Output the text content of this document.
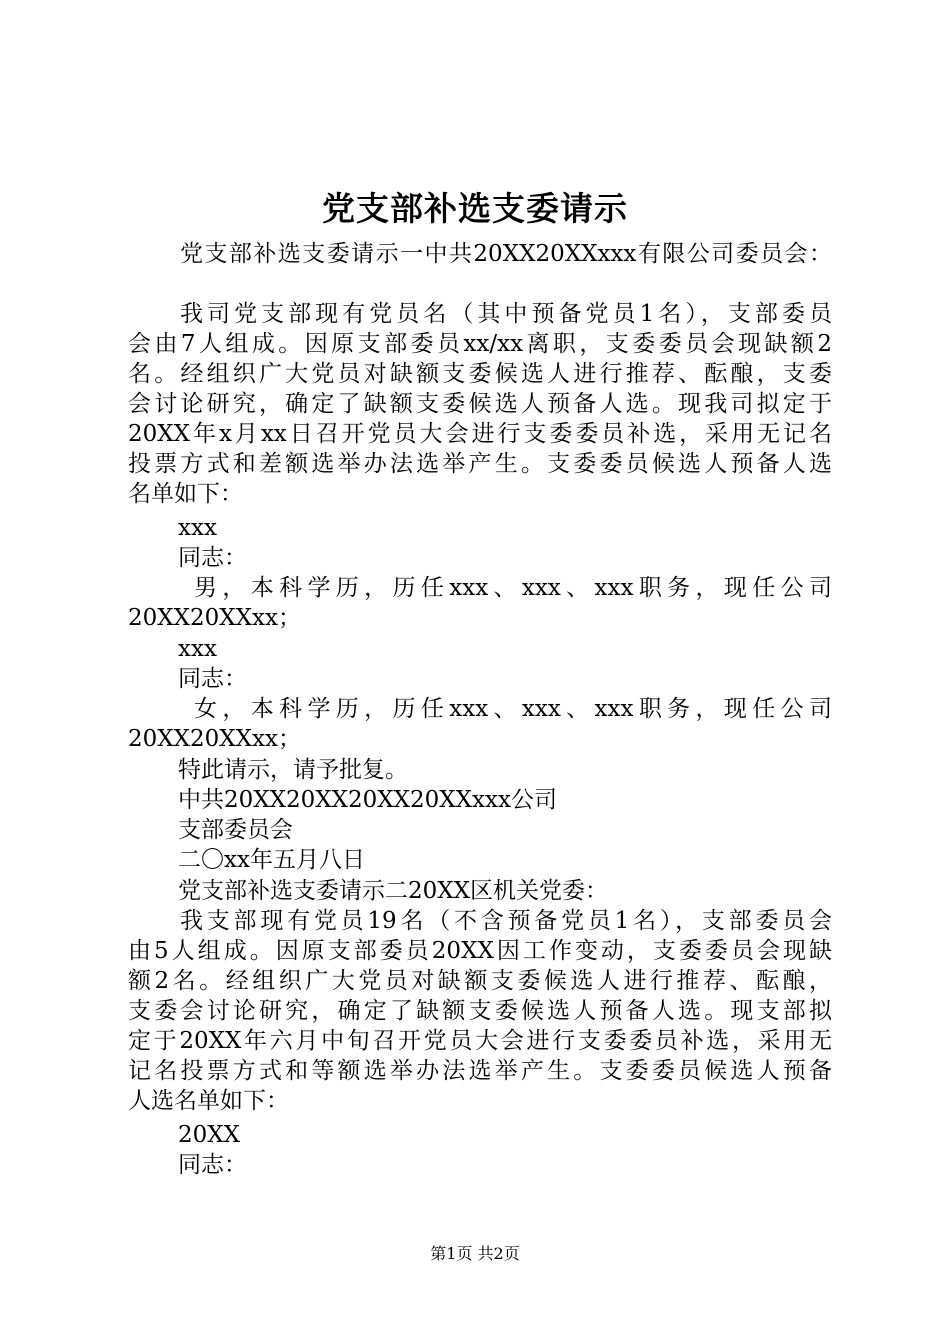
党支部补选支委请示
党支部补选支委请示一中共20XX20XXxxx有限公司委员会：
我司党支部现有党员名（其中预备党员1名），支部委员
会由7人组成。因原支部委员xx/xx离职，支委委员会现缺额2
名。经组织广大党员对缺额支委候选人进行推荐、酝酿，支委
会讨论研究，确定了缺额支委候选人预备人选。现我司拟定于
20XX年x月xx日召开党员大会进行支委委员补选，采用无记名
投票方式和差额选举办法选举产生。支委委员候选人预备人选
名单如下：
xxx
同志：
男，本科学历，历任xxx、xxx、xxx职务，现任公司
20XX20XXxx；
xxx
同志：
女，本科学历，历任xxx、xxx、xxx职务，现任公司
20XX20XXxx；
特此请示，请予批复。
中共20XX20XX20XX20XXxxx公司
支部委员会
二〇xx年五月八日
党支部补选支委请示二20XX区机关党委：
我支部现有党员19名（不含预备党员1名），支部委员会
由5人组成。因原支部委员20XX因工作变动，支委委员会现缺
额2名。经组织广大党员对缺额支委候选人进行推荐、酝酿，
支委会讨论研究，确定了缺额支委候选人预备人选。现支部拟
定于20XX年六月中旬召开党员大会进行支委委员补选，采用无
记名投票方式和等额选举办法选举产生。支委委员候选人预备
人选名单如下：
20XX
同志：
第1页 共2页
